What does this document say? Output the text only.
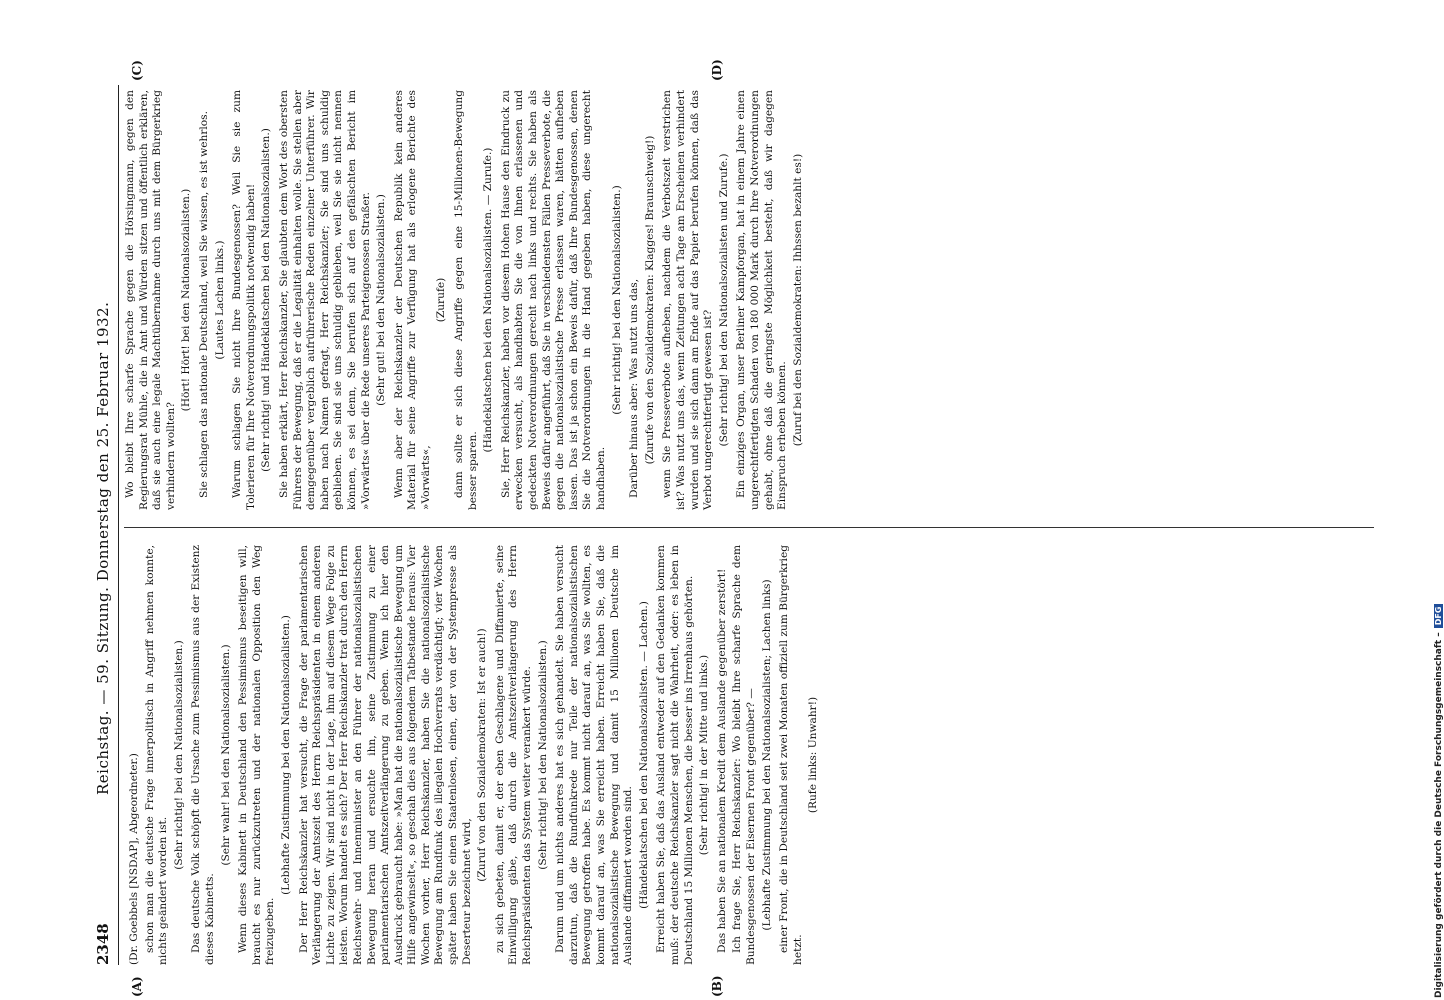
2348
Reichstag. — 59. Sitzung. Donnerstag den 25. Februar 1932.

(Dr. Goebbels [NSDAP], Abgeordneter.) schon man die deutsche Frage innerpolitisch in Angriff nehmen konnte, nichts geändert worden ist.

(Sehr richtig! bei den Nationalsozialisten.) Das deutsche Volk schöpft die Ursache zum Pessimismus aus der Existenz dieses Kabinetts.

(Sehr wahr! bei den Nationalsozialisten.) Wenn dieses Kabinett in Deutschland den Pessimismus beseitigen will, braucht es nur zurückzutreten und der nationalen Opposition den Weg freizugeben.

(Lebhafte Zustimmung bei den Nationalsozialisten.) Der Herr Reichskanzler hat versucht, die Frage der parlamentarischen Verlängerung der Amtszeit des Herrn Reichspräsidenten in einem anderen Lichte zu zeigen. Wir sind nicht in der Lage, ihm auf diesem Wege Folge zu leisten. Worum handelt es sich? Der Herr Reichskanzler trat durch den Herrn Reichswehr- und Innenminister an den Führer der nationalsozialistischen Bewegung heran und ersuchte ihn, seine Zustimmung zu einer parlamentarischen Amtszeitverlängerung zu geben. Wenn ich hier den Ausdruck gebraucht habe: »Man hat die nationalsozialistische Bewegung um Hilfe angewinselt«, so geschah dies aus folgendem Tatbestande heraus: Vier Wochen vorher, Herr Reichskanzler, haben Sie die nationalsozialistische Bewegung am Rundfunk des illegalen Hochverrats verdächtigt; vier Wochen später haben Sie einen Staatenlosen, einen, der von der Systempresse als Deserteur bezeichnet wird,

(Zuruf von den Sozialdemokraten: Ist er auch!) zu sich gebeten, damit er, der eben Geschlagene und Diffamierte, seine Einwilligung gäbe, daß durch die Amtszeitverlängerung des Herrn Reichspräsidenten das System weiter verankert würde. (Sehr richtig! bei den Nationalsozialisten.) Darum und um nichts anderes hat es sich gehandelt. Sie haben versucht darzutun, daß die Rundfunkrede nur Teile der nationalsozialistischen Bewegung getroffen habe. Es kommt nicht darauf an, was Sie wollten, es kommt darauf an, was Sie erreicht haben. Erreicht haben Sie, daß die nationalsozialistische Bewegung und damit 15 Millionen Deutsche im Auslande diffamiert worden sind. (Händeklatschen bei den Nationalsozialisten. — Lachen.) Erreicht haben Sie, daß das Ausland entweder auf den Gedanken kommen muß: der deutsche Reichskanzler sagt nicht die Wahrheit, oder: es leben in Deutschland 15 Millionen Menschen, die besser ins Irrenhaus gehörten. (Sehr richtig! in der Mitte und links.) Das haben Sie an nationalem Kredit dem Auslande gegenüber zerstört! Ich frage Sie, Herr Reichskanzler: Wo bleibt Ihre scharfe Sprache dem Bundesgenossen der Eisernen Front gegenüber? — (Lebhafte Zustimmung bei den Nationalsozialisten; Lachen links) einer Front, die in Deutschland seit zwei Monaten offiziell zum Bürgerkrieg hetzt.

(Rufe links: Unwahr!)

Wo bleibt Ihre scharfe Sprache gegen die Hörsingmann, gegen den Regierungsrat Mühle, die in Amt und Würden sitzen und öffentlich erklären, daß sie auch eine legale Machtübernahme durch uns mit dem Bürgerkrieg verhindern wollten?

(Hört! Hört! bei den Nationalsozialisten.) Sie schlagen das nationale Deutschland, weil Sie wissen, es ist wehrlos. (Lautes Lachen links.) Warum schlagen Sie nicht Ihre Bundesgenossen? Weil Sie sie zum Tolerieren für Ihre Notverordnungspolitik notwendig haben! (Sehr richtig! und Händeklatschen bei den Nationalsozialisten.) Sie haben erklärt, Herr Reichskanzler, Sie glaubten dem Wort des obersten Führers der Bewegung, daß er die Legalität einhalten wolle. Sie stellen aber demgegenüber vergeblich aufrührerische Reden einzelner Unterführer. Wir haben nach Namen gefragt, Herr Reichskanzler; Sie sind uns schuldig geblieben. Sie sind sie uns schuldig geblieben, weil Sie sie nicht nennen können, es sei denn, Sie berufen sich auf den gefälschten Bericht im »Vorwärts« über die Rede unseres Parteigenossen Straßer. (Sehr gut! bei den Nationalsozialisten.) Wenn aber der Reichskanzler der Deutschen Republik kein anderes Material für seine Angriffe zur Verfügung hat als erlogene Berichte des »Vorwärts«,

(Zurufe) dann sollte er sich diese Angriffe gegen eine 15-Millionen-Bewegung besser sparen.

(Händeklatschen bei den Nationalsozialisten. — Zurufe.) Sie, Herr Reichskanzler, haben vor diesem Hohen Hause den Eindruck zu erwecken versucht, als handhabten Sie die von Ihnen erlassenen und gedeckten Notverordnungen gerecht nach links und rechts. Sie haben als Beweis dafür angeführt, daß Sie in verschiedensten Fällen Presseverbote, die gegen die nationalsozialistische Presse erlassen waren, hätten aufheben lassen. Das ist ja schon ein Beweis dafür, daß Ihre Bundesgenossen, denen Sie die Notverordnungen in die Hand gegeben haben, diese ungerecht handhaben.

(Sehr richtig! bei den Nationalsozialisten.) Darüber hinaus aber: Was nutzt uns das, (Zurufe von den Sozialdemokraten: Klagges! Braunschweig!) wenn Sie Presseverbote aufheben, nachdem die Verbotszeit verstrichen ist? Was nutzt uns das, wenn Zeitungen acht Tage am Erscheinen verhindert wurden und sie sich dann am Ende auf das Papier berufen können, daß das Verbot ungerechtfertigt gewesen ist? (Sehr richtig! bei den Nationalsozialisten und Zurufe.) Ein einziges Organ, unser Berliner Kampforgan, hat in einem Jahre einen ungerechtfertigten Schaden von 180 000 Mark durch Ihre Notverordnungen gehabt, ohne daß die geringste Möglichkeit besteht, daß wir dagegen Einspruch erheben können. (Zuruf bei den Sozialdemokraten: Ihhssen bezahlt es!)

(A)	(B)
(C)	(D)
Digitalisierung gefördert durch die Deutsche Forschungsgemeinschaft –DFG
